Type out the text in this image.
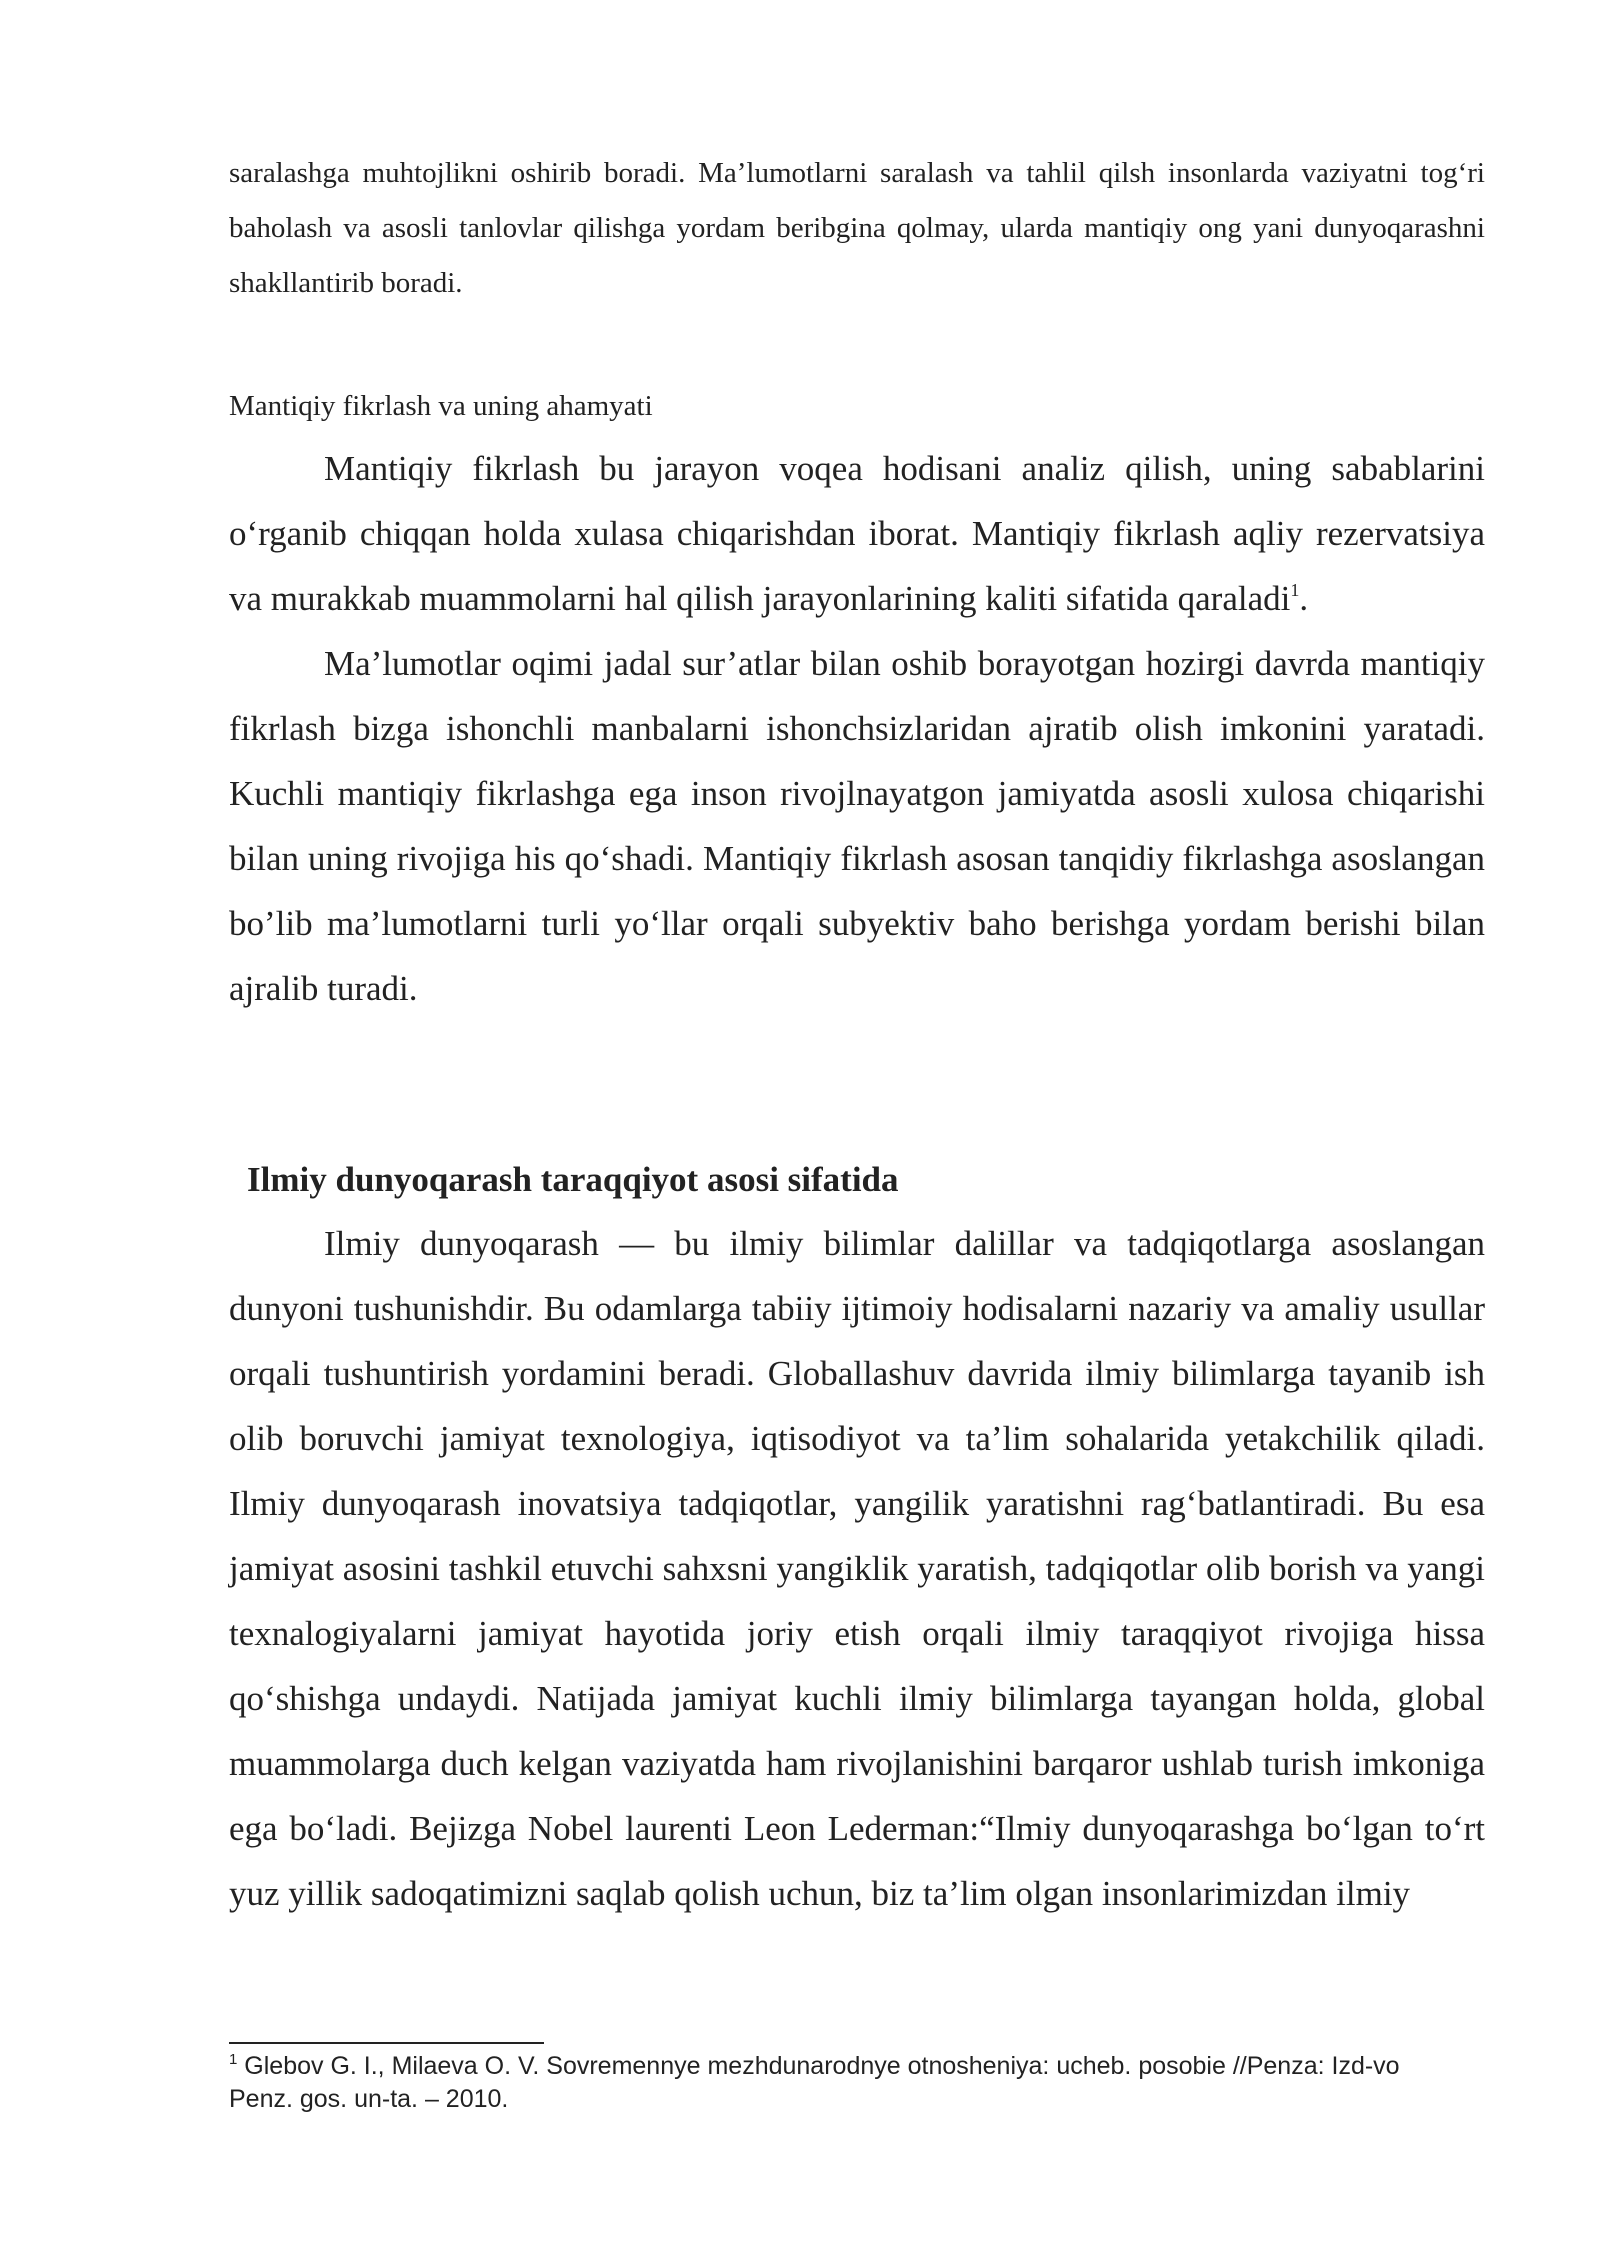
saralashga muhtojlikni oshirib boradi. Ma’lumotlarni saralash va tahlil qilsh insonlarda vaziyatni tog‘ri baholash va asosli tanlovlar qilishga yordam beribgina qolmay, ularda mantiqiy ong yani dunyoqarashni shakllantirib boradi.

Mantiqiy fikrlash va uning ahamyati

Mantiqiy fikrlash bu jarayon voqea hodisani analiz qilish, uning sabablarini o‘rganib chiqqan holda xulasa chiqarishdan iborat. Mantiqiy fikrlash aqliy rezervatsiya va murakkab muammolarni hal qilish jarayonlarining kaliti sifatida qaraladi$^1$.

Ma’lumotlar oqimi jadal sur’atlar bilan oshib borayotgan hozirgi davrda mantiqiy fikrlash bizga ishonchli manbalarni ishonchsizlaridan ajratib olish imkonini yaratadi. Kuchli mantiqiy fikrlashga ega inson rivojlnayatgon jamiyatda asosli xulosa chiqarishi bilan uning rivojiga his qo‘shadi. Mantiqiy fikrlash asosan tanqidiy fikrlashga asoslangan bo’lib ma’lumotlarni turli yo‘llar orqali subyektiv baho berishga yordam berishi bilan ajralib turadi.

Ilmiy dunyoqarash taraqqiyot asosi sifatida

Ilmiy dunyoqarash — bu ilmiy bilimlar dalillar va tadqiqotlarga asoslangan dunyoni tushunishdir. Bu odamlarga tabiiy ijtimoiy hodisalarni nazariy va amaliy usullar orqali tushuntirish yordamini beradi. Globallashuv davrida ilmiy bilimlarga tayanib ish olib boruvchi jamiyat texnologiya, iqtisodiyot va ta’lim sohalarida yetakchilik qiladi. Ilmiy dunyoqarash inovatsiya tadqiqotlar, yangilik yaratishni rag‘batlantiradi. Bu esa jamiyat asosini tashkil etuvchi sahxsni yangiklik yaratish, tadqiqotlar olib borish va yangi texnalogiyalarni jamiyat hayotida joriy etish orqali ilmiy taraqqiyot rivojiga hissa qo‘shishga undaydi. Natijada jamiyat kuchli ilmiy bilimlarga tayangan holda, global muammolarga duch kelgan vaziyatda ham rivojlanishini barqaror ushlab turish imkoniga ega bo‘ladi. Bejizga Nobel laurenti Leon Lederman:“Ilmiy dunyoqarashga bo‘lgan to‘rt yuz yillik sadoqatimizni saqlab qolish uchun, biz ta’lim olgan insonlarimizdan ilmiy

$^1$ Glebov G. I., Milaeva O. V. Sovremennye mezhdunarodnye otnosheniya: ucheb. posobie //Penza: Izd-vo Penz. gos. un-ta. – 2010.
